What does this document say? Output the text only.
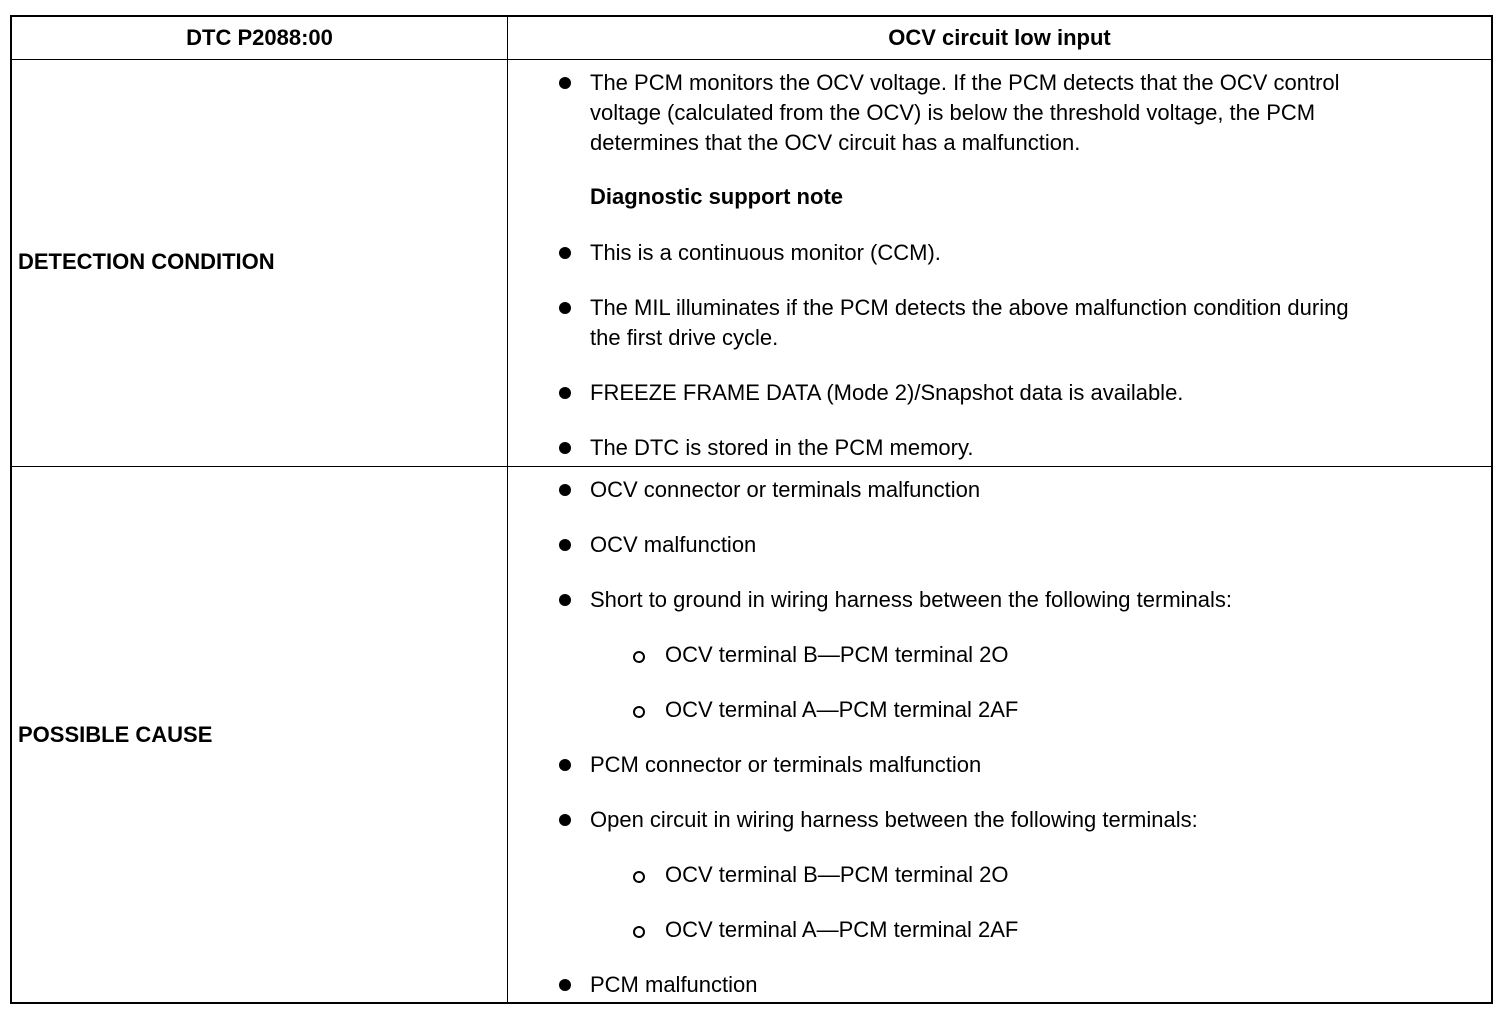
DTC P2088:00	OCV circuit low input
DETECTION CONDITION
POSSIBLE CAUSE
The PCM monitors the OCV voltage. If the PCM detects that the OCV control
voltage (calculated from the OCV) is below the threshold voltage, the PCM
determines that the OCV circuit has a malfunction.
Diagnostic support note
This is a continuous monitor (CCM).
The MIL illuminates if the PCM detects the above malfunction condition during
the first drive cycle.
FREEZE FRAME DATA (Mode 2)/Snapshot data is available.
The DTC is stored in the PCM memory.
OCV connector or terminals malfunction
OCV malfunction
Short to ground in wiring harness between the following terminals:
OCV terminal B—PCM terminal 2O
OCV terminal A—PCM terminal 2AF
PCM connector or terminals malfunction
Open circuit in wiring harness between the following terminals:
OCV terminal B—PCM terminal 2O
OCV terminal A—PCM terminal 2AF
PCM malfunction
